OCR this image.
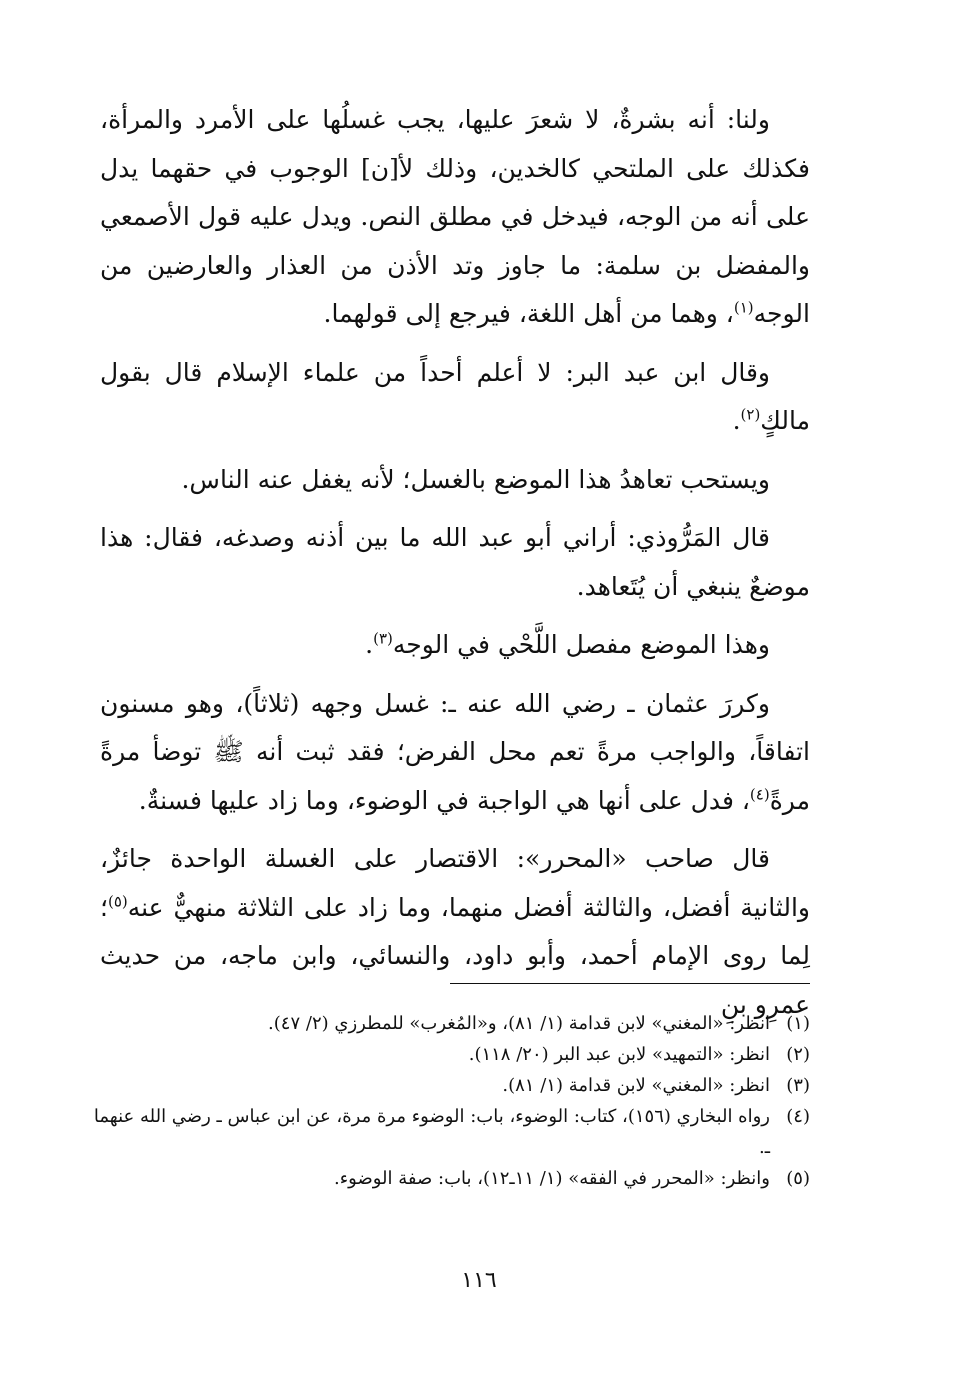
ولنا: أنه بشرةٌ، لا شعرَ عليها، يجب غسلُها على الأمرد والمرأة، فكذلك على الملتحي كالخدين، وذلك لأ[ن] الوجوب في حقهما يدل على أنه من الوجه، فيدخل في مطلق النص. ويدل عليه قول الأصمعي والمفضل بن سلمة: ما جاوز وتد الأذن من العذار والعارضين من الوجه$^{(١)}$، وهما من أهل اللغة، فيرجع إلى قولهما.

وقال ابن عبد البر: لا أعلم أحداً من علماء الإسلام قال بقول مالكٍ$^{(٢)}$.

ويستحب تعاهدُ هذا الموضع بالغسل؛ لأنه يغفل عنه الناس.

قال المَرُّوذي: أراني أبو عبد الله ما بين أذنه وصدغه، فقال: هذا موضعٌ ينبغي أن يُتَعاهد.

وهذا الموضع مفصل اللَّحْي في الوجه$^{(٣)}$.

وكررَ عثمان ـ رضي الله عنه ـ: غسل وجهه (ثلاثاً)، وهو مسنون اتفاقاً، والواجب مرةً تعم محل الفرض؛ فقد ثبت أنه ﷺ توضأ مرةً مرةً$^{(٤)}$، فدل على أنها هي الواجبة في الوضوء، وما زاد عليها فسنةٌ.

قال صاحب «المحرر»: الاقتصار على الغسلة الواحدة جائزٌ، والثانية أفضل، والثالثة أفضل منهما، وما زاد على الثلاثة منهيٌّ عنه$^{(٥)}$؛ لِما روى الإمام أحمد، وأبو داود، والنسائي، وابن ماجه، من حديث عمرِو بنِ

(١)
انظر: «المغني» لابن قدامة (١/ ٨١)، و«المُغرب» للمطرزي (٢/ ٤٧).
(٢)
انظر: «التمهيد» لابن عبد البر (٢٠/ ١١٨).
(٣)
انظر: «المغني» لابن قدامة (١/ ٨١).
(٤)
رواه البخاري (١٥٦)، كتاب: الوضوء، باب: الوضوء مرة مرة، عن ابن عباس ـ رضي الله عنهما ـ.
(٥)
وانظر: «المحرر في الفقه» (١/ ١١ـ١٢)، باب: صفة الوضوء.
١١٦
